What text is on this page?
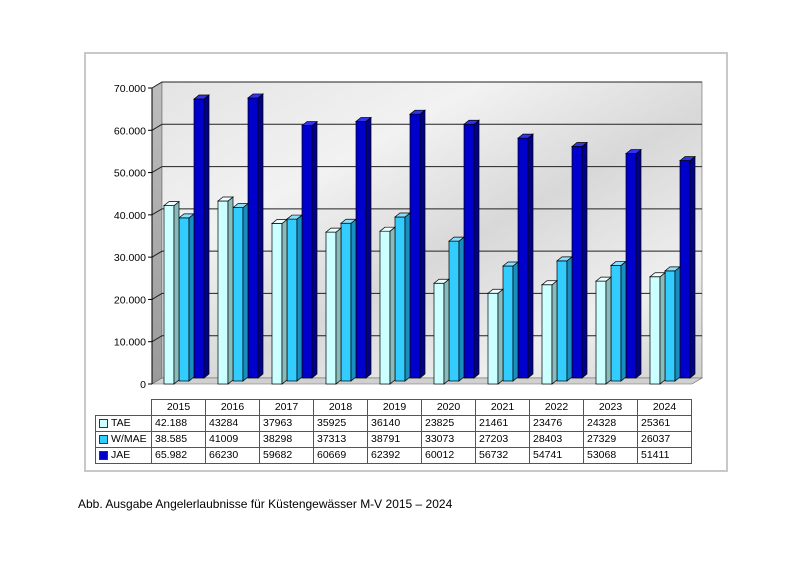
0
10.000
20.000
30.000
40.000
50.000
60.000
70.000
	2015	2016	2017	2018	2019	2020	2021	2022	2023	2024
TAE	42.188	43284	37963	35925	36140	23825	21461	23476	24328	25361
W/MAE	38.585	41009	38298	37313	38791	33073	27203	28403	27329	26037
JAE	65.982	66230	59682	60669	62392	60012	56732	54741	53068	51411
Abb. Ausgabe Angelerlaubnisse für Küstengewässer M-V 2015 – 2024
